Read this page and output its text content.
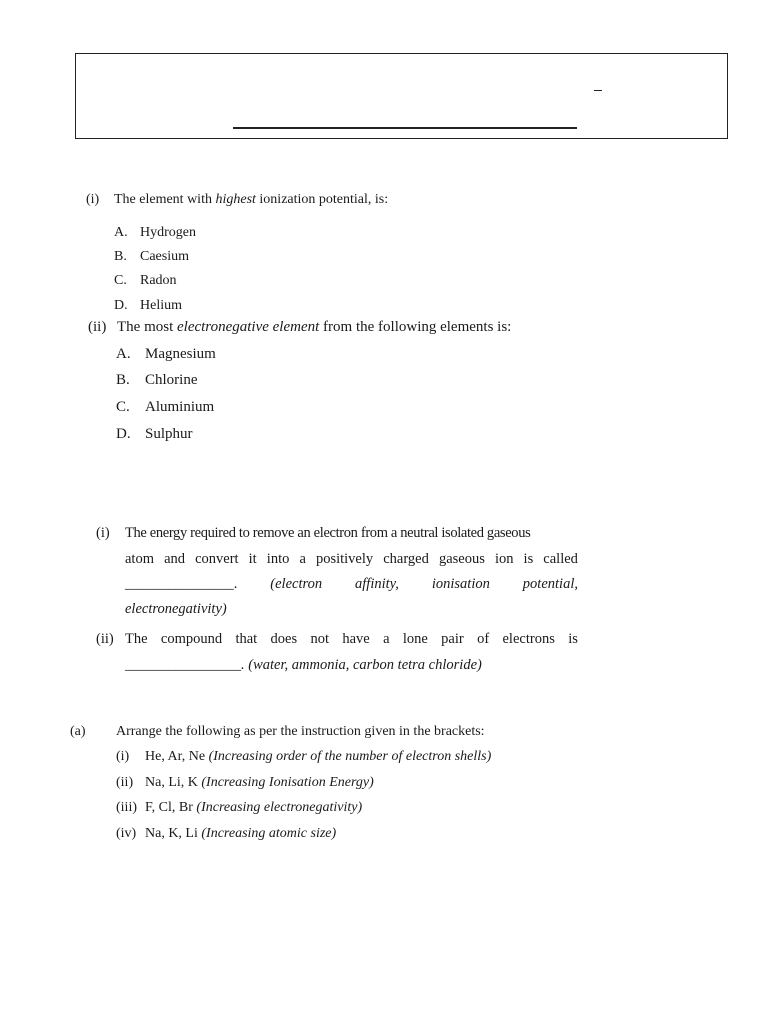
(i) The element with highest ionization potential, is:
A. Hydrogen
B. Caesium
C. Radon
D. Helium
(ii) The most electronegative element from the following elements is:
A. Magnesium
B. Chlorine
C. Aluminium
D. Sulphur
(i) The energy required to remove an electron from a neutral isolated gaseous
atom and convert it into a positively charged gaseous ion is called
_______________. (electron affinity, ionisation potential,
electronegativity)
(ii) The compound that does not have a lone pair of electrons is
________________. (water, ammonia, carbon tetra chloride)
(a) Arrange the following as per the instruction given in the brackets:
(i) He, Ar, Ne (Increasing order of the number of electron shells)
(ii) Na, Li, K (Increasing Ionisation Energy)
(iii) F, Cl, Br (Increasing electronegativity)
(iv) Na, K, Li (Increasing atomic size)
